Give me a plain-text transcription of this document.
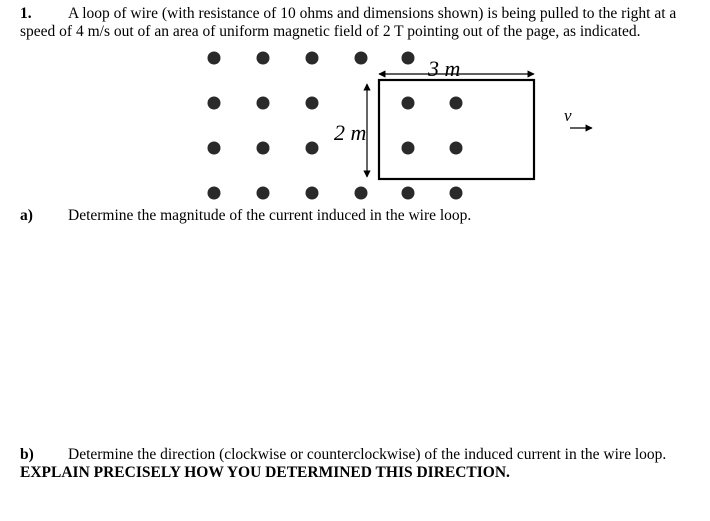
1. A loop of wire (with resistance of 10 ohms and dimensions shown) is being pulled to the right at a
speed of 4 m/s out of an area of uniform magnetic field of 2 T pointing out of the page, as indicated.
3 m
2 m
v⃗
a) Determine the magnitude of the current induced in the wire loop.
b) Determine the direction (clockwise or counterclockwise) of the induced current in the wire loop.
EXPLAIN PRECISELY HOW YOU DETERMINED THIS DIRECTION.
